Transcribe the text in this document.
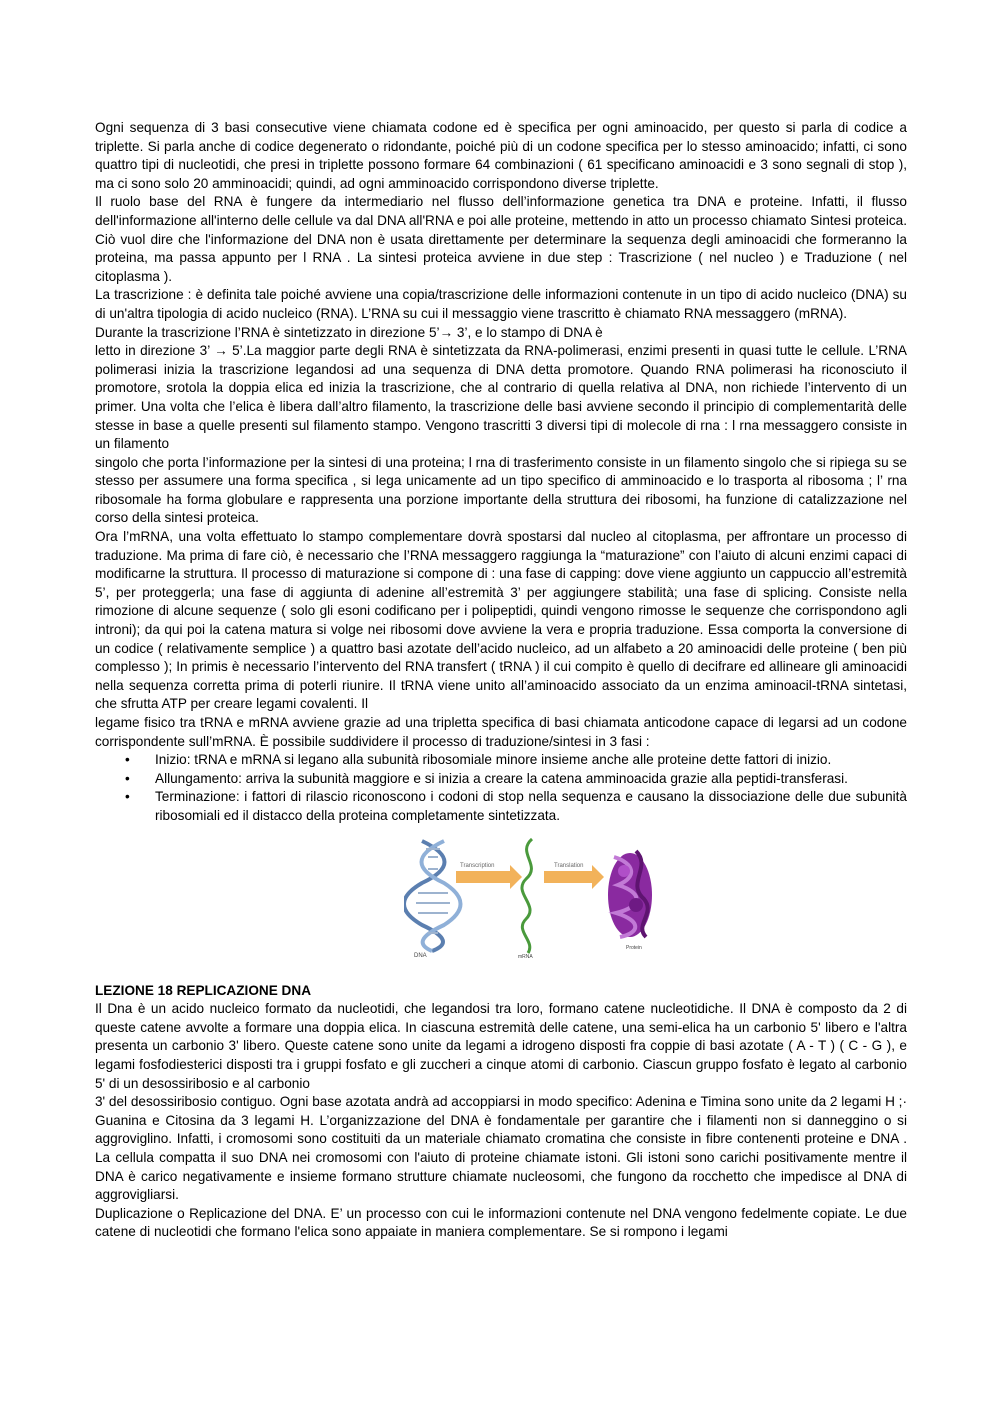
Ogni sequenza di 3 basi consecutive viene chiamata codone ed è specifica per ogni aminoacido, per questo si parla di codice a triplette. Si parla anche di codice degenerato o ridondante, poiché più di un codone specifica per lo stesso aminoacido; infatti, ci sono quattro tipi di nucleotidi, che presi in triplette possono formare 64 combinazioni ( 61 specificano aminoacidi e 3 sono segnali di stop ), ma ci sono solo 20 amminoacidi; quindi, ad ogni amminoacido corrispondono diverse triplette.

Il ruolo base del RNA è fungere da intermediario nel flusso dell’informazione genetica tra DNA e proteine. Infatti, il flusso dell'informazione all'interno delle cellule va dal DNA all'RNA e poi alle proteine, mettendo in atto un processo chiamato Sintesi proteica. Ciò vuol dire che l'informazione del DNA non è usata direttamente per determinare la sequenza degli aminoacidi che formeranno la proteina, ma passa appunto per l RNA . La sintesi proteica avviene in due step : Trascrizione ( nel nucleo ) e Traduzione ( nel citoplasma ).

La trascrizione : è definita tale poiché avviene una copia/trascrizione delle informazioni contenute in un tipo di acido nucleico (DNA) su di un'altra tipologia di acido nucleico (RNA). L’RNA su cui il messaggio viene trascritto è chiamato RNA messaggero (mRNA).

Durante la trascrizione l’RNA è sintetizzato in direzione 5’→ 3’, e lo stampo di DNA è

letto in direzione 3’ → 5’.La maggior parte degli RNA è sintetizzata da RNA-polimerasi, enzimi presenti in quasi tutte le cellule. L’RNA polimerasi inizia la trascrizione legandosi ad una sequenza di DNA detta promotore. Quando RNA polimerasi ha riconosciuto il promotore, srotola la doppia elica ed inizia la trascrizione, che al contrario di quella relativa al DNA, non richiede l’intervento di un primer. Una volta che l’elica è libera dall’altro filamento, la trascrizione delle basi avviene secondo il principio di complementarità delle stesse in base a quelle presenti sul filamento stampo. Vengono trascritti 3 diversi tipi di molecole di rna : l rna messaggero consiste in un filamento

singolo che porta l’informazione per la sintesi di una proteina; l rna di trasferimento consiste in un filamento singolo che si ripiega su se stesso per assumere una forma specifica , si lega unicamente ad un tipo specifico di amminoacido e lo trasporta al ribosoma ; l’ rna ribosomale ha forma globulare e rappresenta una porzione importante della struttura dei ribosomi, ha funzione di catalizzazione nel corso della sintesi proteica.

Ora l’mRNA, una volta effettuato lo stampo complementare dovrà spostarsi dal nucleo al citoplasma, per affrontare un processo di traduzione. Ma prima di fare ciò, è necessario che l’RNA messaggero raggiunga la “maturazione” con l’aiuto di alcuni enzimi capaci di modificarne la struttura. Il processo di maturazione si compone di : una fase di capping: dove viene aggiunto un cappuccio all’estremità 5’, per proteggerla; una fase di aggiunta di adenine all’estremità 3’ per aggiungere stabilità; una fase di splicing. Consiste nella rimozione di alcune sequenze ( solo gli esoni codificano per i polipeptidi, quindi vengono rimosse le sequenze che corrispondono agli introni); da qui poi la catena matura si volge nei ribosomi dove avviene la vera e propria traduzione. Essa comporta la conversione di un codice ( relativamente semplice ) a quattro basi azotate dell’acido nucleico, ad un alfabeto a 20 aminoacidi delle proteine ( ben più complesso ); In primis è necessario l’intervento del RNA transfert ( tRNA ) il cui compito è quello di decifrare ed allineare gli aminoacidi nella sequenza corretta prima di poterli riunire. Il tRNA viene unito all’aminoacido associato da un enzima aminoacil-tRNA sintetasi, che sfrutta ATP per creare legami covalenti. Il

legame fisico tra tRNA e mRNA avviene grazie ad una tripletta specifica di basi chiamata anticodone capace di legarsi ad un codone corrispondente sull’mRNA. È possibile suddividere il processo di traduzione/sintesi in 3 fasi :

• Inizio: tRNA e mRNA si legano alla subunità ribosomiale minore insieme anche alle proteine dette fattori di inizio.
• Allungamento: arriva la subunità maggiore e si inizia a creare la catena amminoacida grazie alla peptidi-transferasi.
• Terminazione: i fattori di rilascio riconoscono i codoni di stop nella sequenza e causano la dissociazione delle due subunità ribosomiali ed il distacco della proteina completamente sintetizzata.
DNA
Transcription
mRNA
Translation
Protein

LEZIONE 18 REPLICAZIONE DNA

Il Dna è un acido nucleico formato da nucleotidi, che legandosi tra loro, formano catene nucleotidiche. Il DNA è composto da 2 di queste catene avvolte a formare una doppia elica. In ciascuna estremità delle catene, una semi-elica ha un carbonio 5' libero e l'altra presenta un carbonio 3' libero. Queste catene sono unite da legami a idrogeno disposti fra coppie di basi azotate ( A - T ) ( C - G ), e legami fosfodiesterici disposti tra i gruppi fosfato e gli zuccheri a cinque atomi di carbonio. Ciascun gruppo fosfato è legato al carbonio 5' di un desossiribosio e al carbonio

3' del desossiribosio contiguo. Ogni base azotata andrà ad accoppiarsi in modo specifico: Adenina e Timina sono unite da 2 legami H ;· Guanina e Citosina da 3 legami H. L’organizzazione del DNA è fondamentale per garantire che i filamenti non si danneggino o si aggroviglino. Infatti, i cromosomi sono costituiti da un materiale chiamato cromatina che consiste in fibre contenenti proteine e DNA . La cellula compatta il suo DNA nei cromosomi con l'aiuto di proteine chiamate istoni. Gli istoni sono carichi positivamente mentre il DNA è carico negativamente e insieme formano strutture chiamate nucleosomi, che fungono da rocchetto che impedisce al DNA di aggrovigliarsi.

Duplicazione o Replicazione del DNA. E’ un processo con cui le informazioni contenute nel DNA vengono fedelmente copiate. Le due catene di nucleotidi che formano l'elica sono appaiate in maniera complementare. Se si rompono i legami
